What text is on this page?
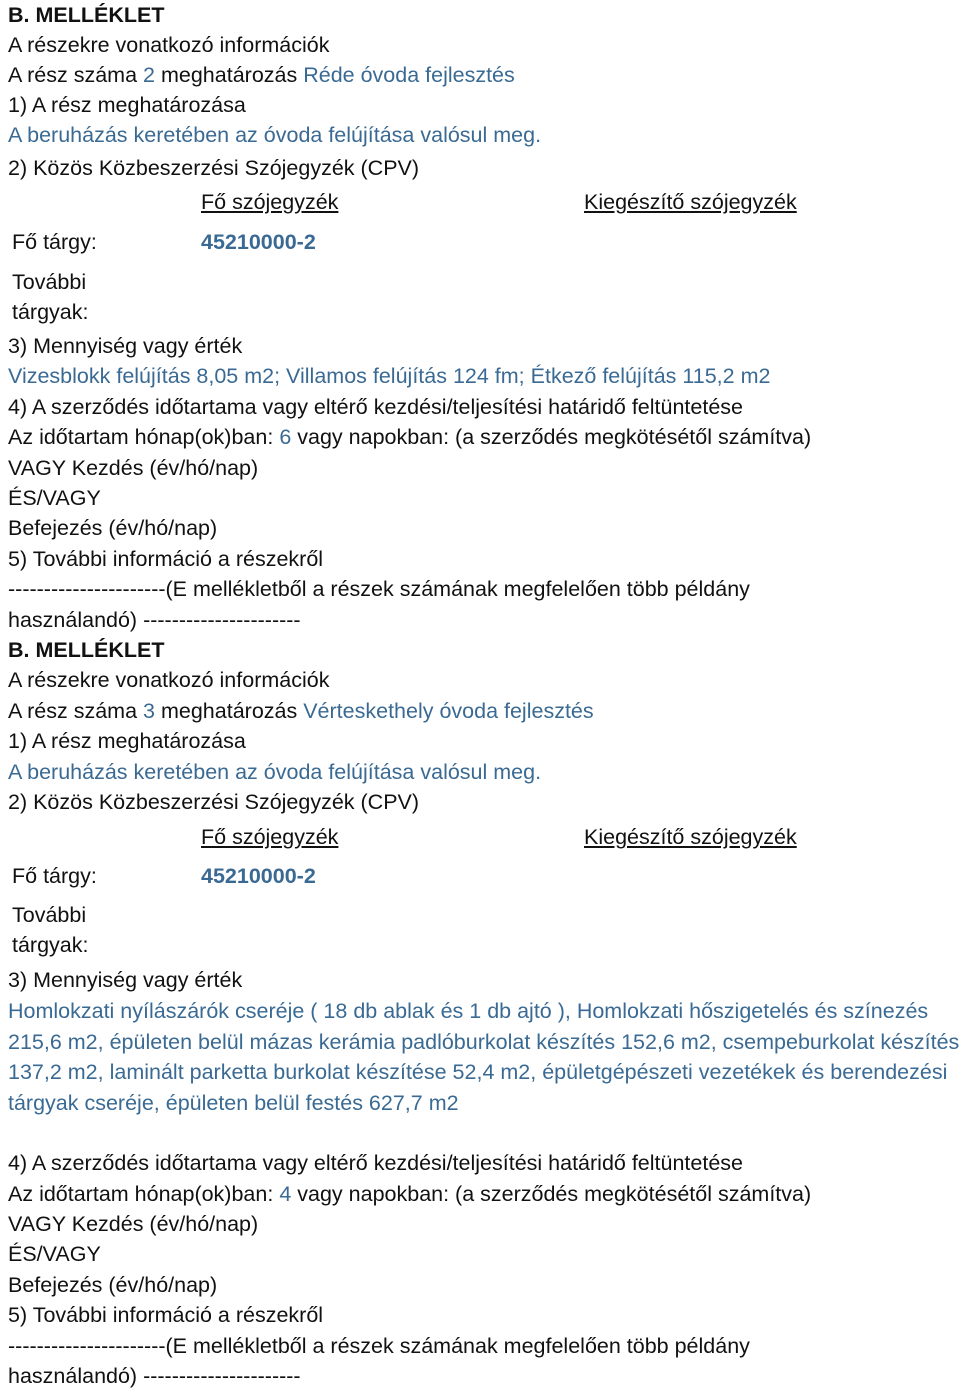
B. MELLÉKLET
A részekre vonatkozó információk
A rész száma 2 meghatározás Réde óvoda fejlesztés
1) A rész meghatározása
A beruházás keretében az óvoda felújítása valósul meg.
2) Közös Közbeszerzési Szójegyzék (CPV)
Fő szójegyzék	Kiegészítő szójegyzék
Fő tárgy:	45210000-2
További
tárgyak:
3) Mennyiség vagy érték
Vizesblokk felújítás 8,05 m2; Villamos felújítás 124 fm; Étkező felújítás 115,2 m2
4) A szerződés időtartama vagy eltérő kezdési/teljesítési határidő feltüntetése
Az időtartam hónap(ok)ban: 6 vagy napokban: (a szerződés megkötésétől számítva)
VAGY Kezdés (év/hó/nap)
ÉS/VAGY
Befejezés (év/hó/nap)
5) További információ a részekről
----------------------(E mellékletből a részek számának megfelelően több példány
használandó) ----------------------
B. MELLÉKLET
A részekre vonatkozó információk
A rész száma 3 meghatározás Vérteskethely óvoda fejlesztés
1) A rész meghatározása
A beruházás keretében az óvoda felújítása valósul meg.
2) Közös Közbeszerzési Szójegyzék (CPV)
Fő szójegyzék	Kiegészítő szójegyzék
Fő tárgy:	45210000-2
További
tárgyak:
3) Mennyiség vagy érték
Homlokzati nyílászárók cseréje ( 18 db ablak és 1 db ajtó ), Homlokzati hőszigetelés és színezés 215,6 m2, épületen belül mázas kerámia padlóburkolat készítés 152,6 m2, csempeburkolat készítés 137,2 m2, laminált parketta burkolat készítése 52,4 m2, épületgépészeti vezetékek és berendezési tárgyak cseréje, épületen belül festés 627,7 m2
4) A szerződés időtartama vagy eltérő kezdési/teljesítési határidő feltüntetése
Az időtartam hónap(ok)ban: 4 vagy napokban: (a szerződés megkötésétől számítva)
VAGY Kezdés (év/hó/nap)
ÉS/VAGY
Befejezés (év/hó/nap)
5) További információ a részekről
----------------------(E mellékletből a részek számának megfelelően több példány
használandó) ----------------------
